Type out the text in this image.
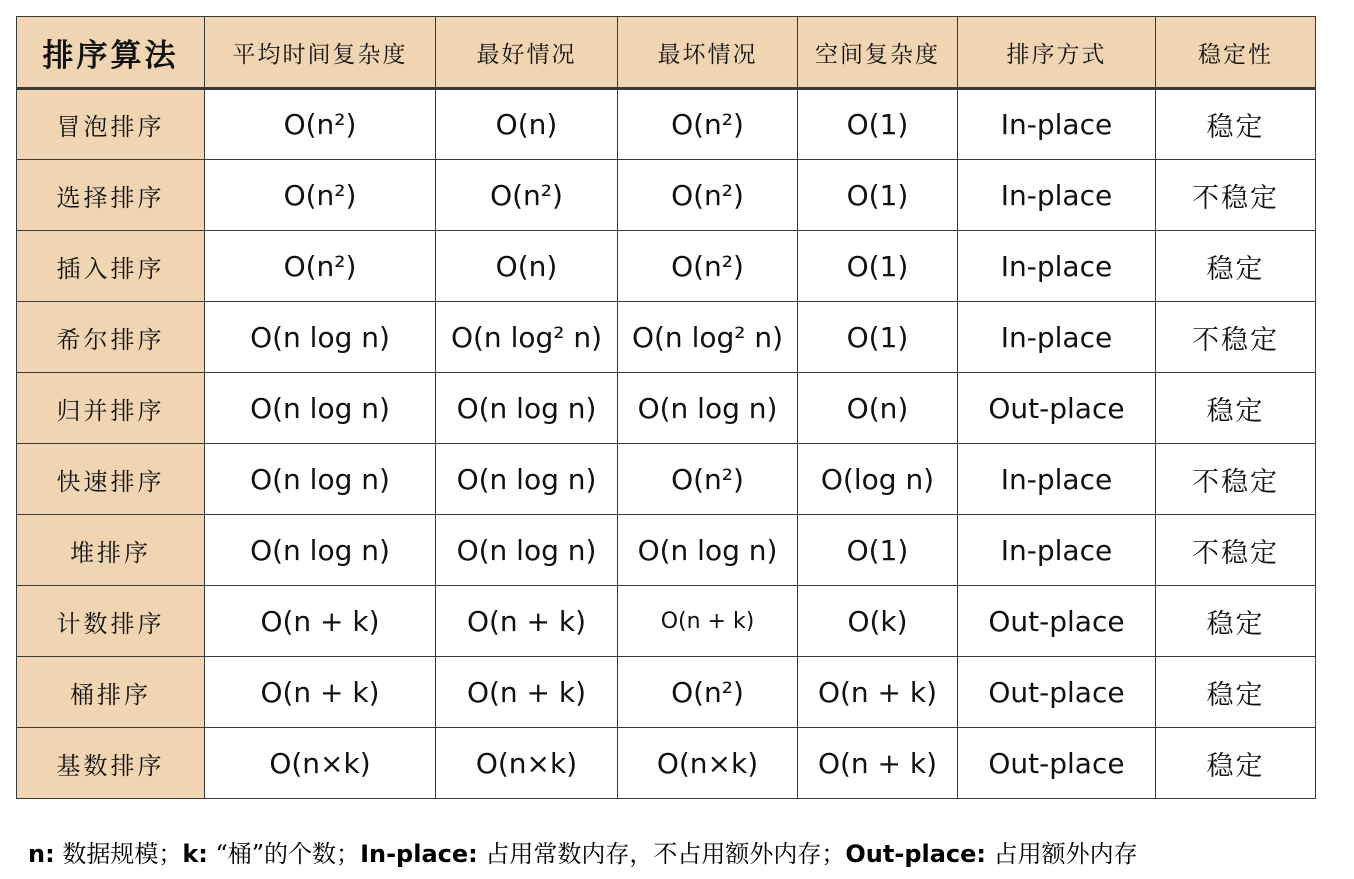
排序算法	平均时间复杂度	最好情况	最坏情况	空间复杂度	排序方式	稳定性
冒泡排序	O(n²)	O(n)	O(n²)	O(1)	In-place	稳定
选择排序	O(n²)	O(n²)	O(n²)	O(1)	In-place	不稳定
插入排序	O(n²)	O(n)	O(n²)	O(1)	In-place	稳定
希尔排序	O(n log n)	O(n log² n)	O(n log² n)	O(1)	In-place	不稳定
归并排序	O(n log n)	O(n log n)	O(n log n)	O(n)	Out-place	稳定
快速排序	O(n log n)	O(n log n)	O(n²)	O(log n)	In-place	不稳定
堆排序	O(n log n)	O(n log n)	O(n log n)	O(1)	In-place	不稳定
计数排序	O(n + k)	O(n + k)	O(n + k)	O(k)	Out-place	稳定
桶排序	O(n + k)	O(n + k)	O(n²)	O(n + k)	Out-place	稳定
基数排序	O(n×k)	O(n×k)	O(n×k)	O(n + k)	Out-place	稳定
n: 数据规模；k: “桶”的个数；In-place: 占用常数内存，不占用额外内存；Out-place: 占用额外内存
